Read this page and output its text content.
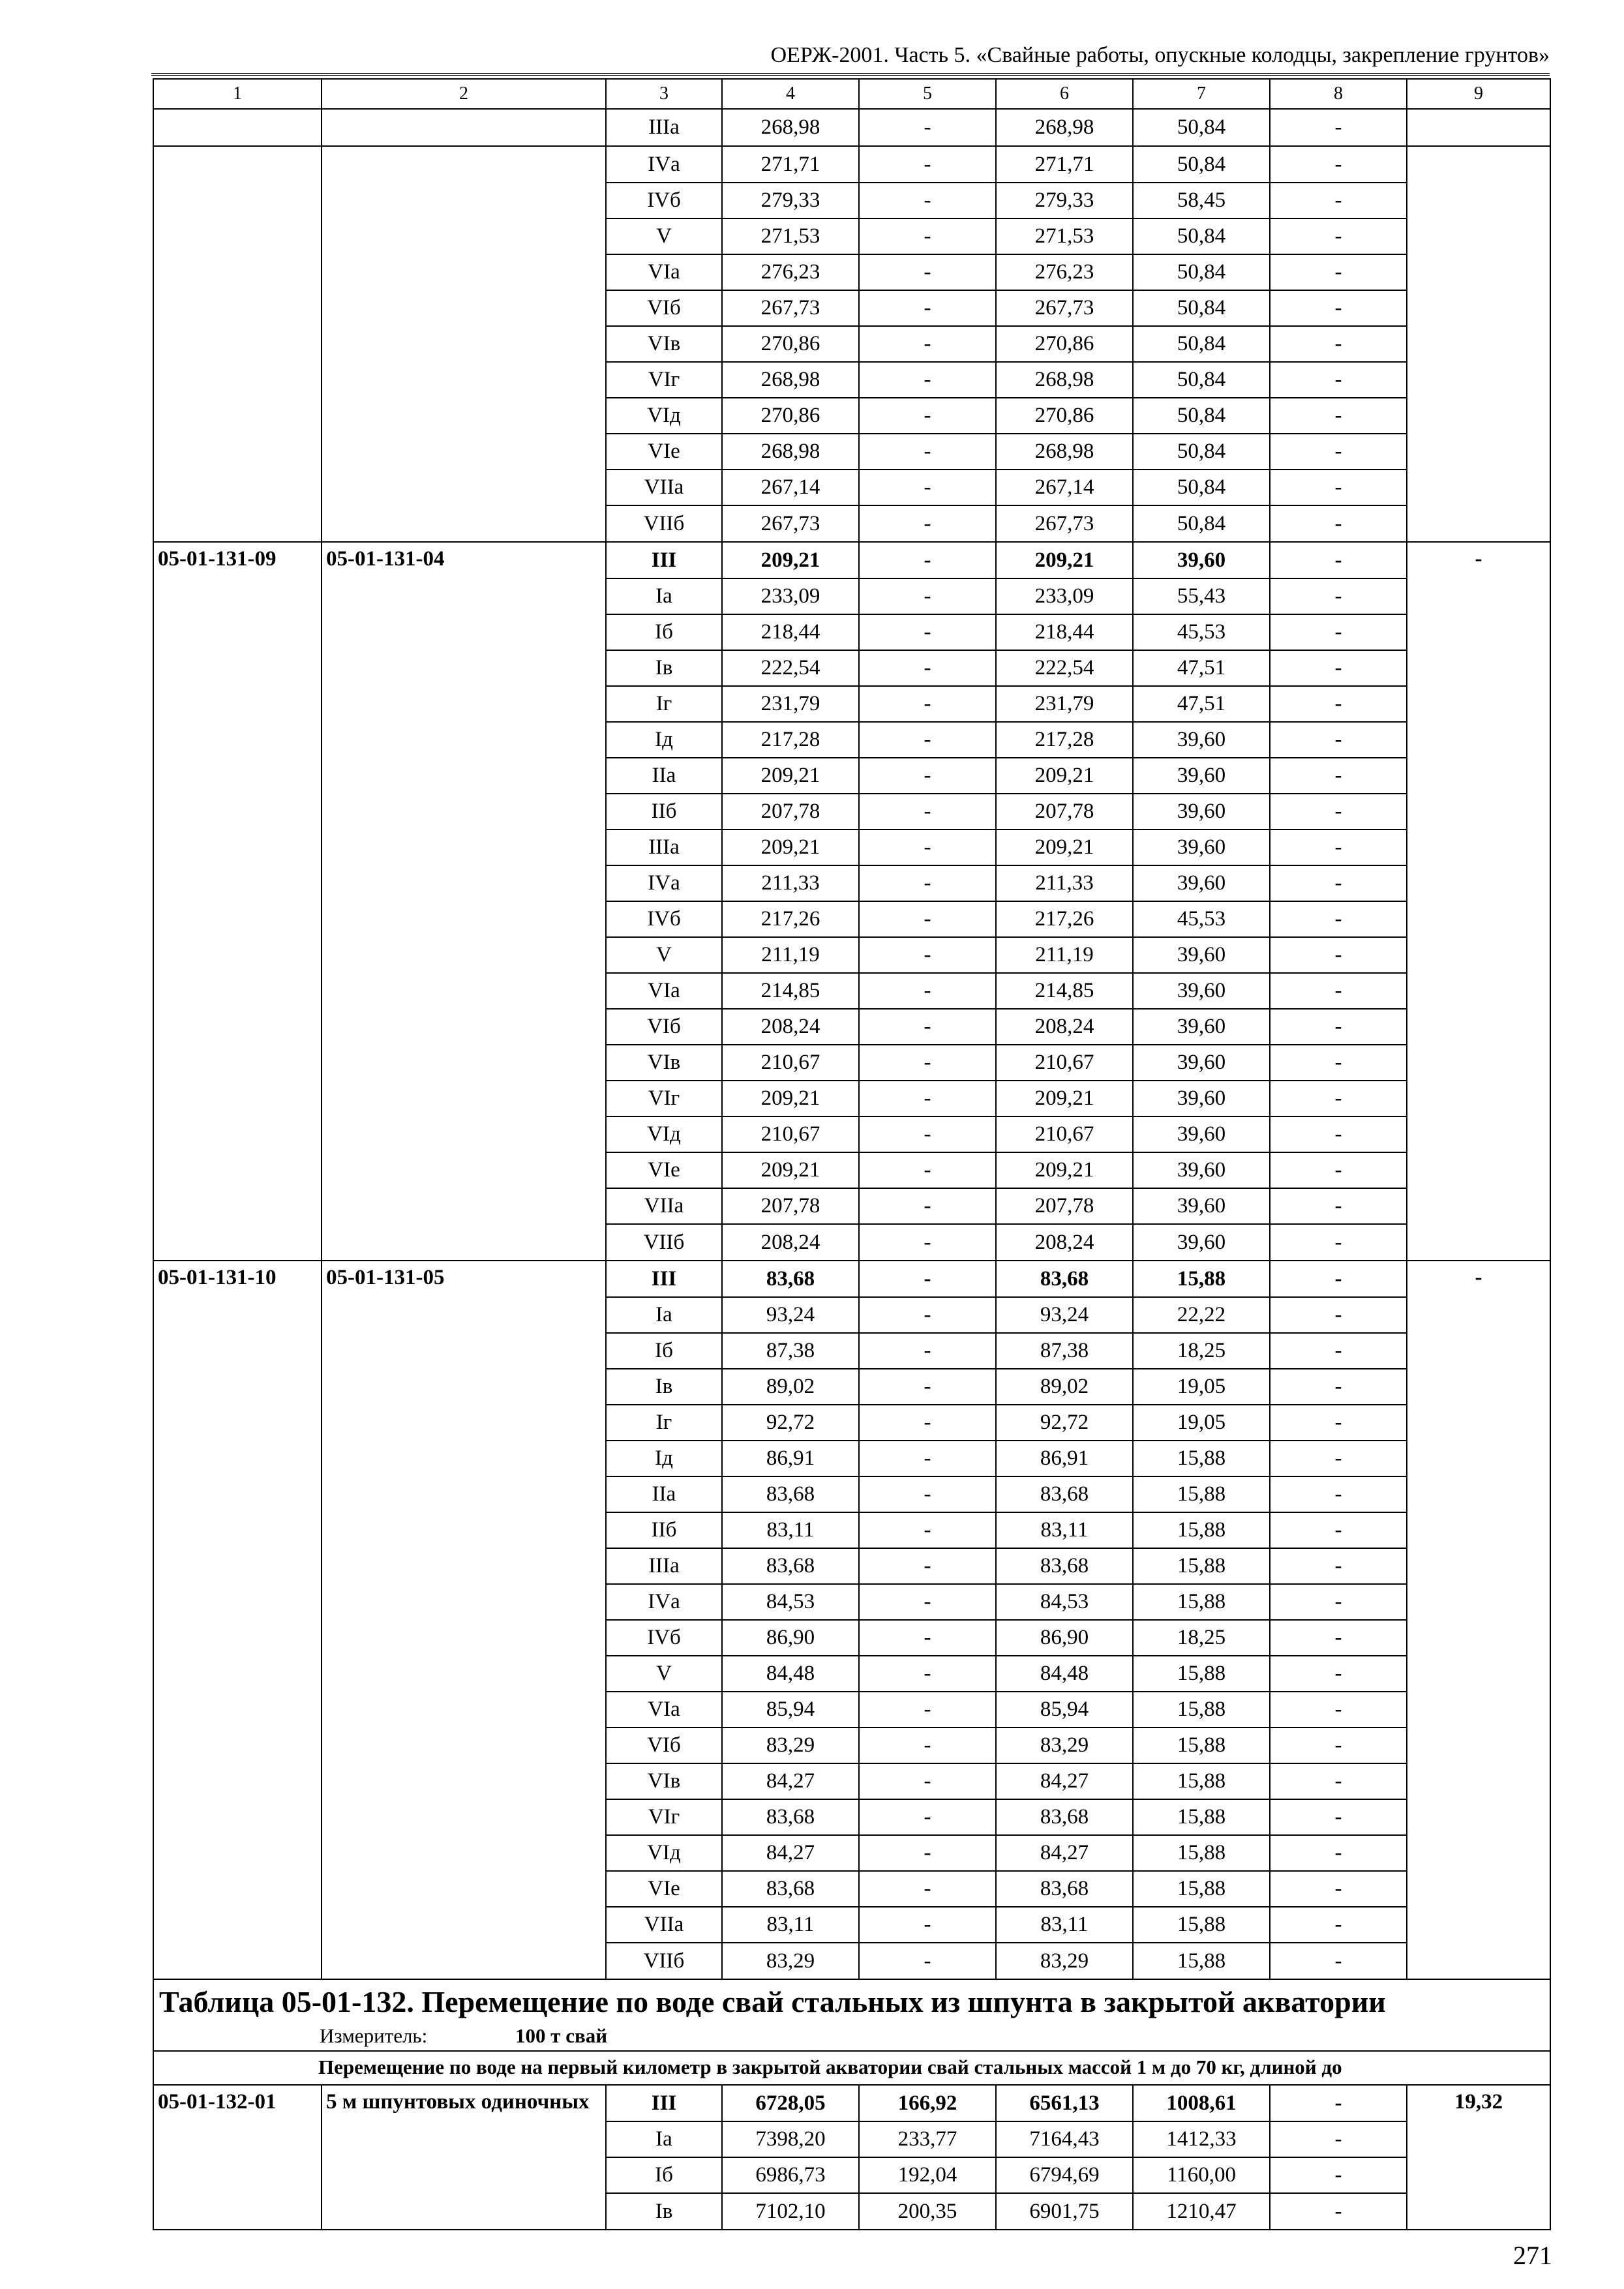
ОЕРЖ-2001. Часть 5. «Свайные работы, опускные колодцы, закрепление грунтов»
1	2	3	4	5	6	7	8	9
		IIIа	268,98	-	268,98	50,84	-	
		IVа	271,71	-	271,71	50,84	-	
		IVб	279,33	-	279,33	58,45	-	
		V	271,53	-	271,53	50,84	-	
		VIа	276,23	-	276,23	50,84	-	
		VIб	267,73	-	267,73	50,84	-	
		VIв	270,86	-	270,86	50,84	-	
		VIг	268,98	-	268,98	50,84	-	
		VIд	270,86	-	270,86	50,84	-	
		VIе	268,98	-	268,98	50,84	-	
		VIIа	267,14	-	267,14	50,84	-	
		VIIб	267,73	-	267,73	50,84	-	
05-01-131-09	05-01-131-04	III	209,21	-	209,21	39,60	-	-
		Iа	233,09	-	233,09	55,43	-	
		Iб	218,44	-	218,44	45,53	-	
		Iв	222,54	-	222,54	47,51	-	
		Iг	231,79	-	231,79	47,51	-	
		Iд	217,28	-	217,28	39,60	-	
		IIа	209,21	-	209,21	39,60	-	
		IIб	207,78	-	207,78	39,60	-	
		IIIа	209,21	-	209,21	39,60	-	
		IVа	211,33	-	211,33	39,60	-	
		IVб	217,26	-	217,26	45,53	-	
		V	211,19	-	211,19	39,60	-	
		VIа	214,85	-	214,85	39,60	-	
		VIб	208,24	-	208,24	39,60	-	
		VIв	210,67	-	210,67	39,60	-	
		VIг	209,21	-	209,21	39,60	-	
		VIд	210,67	-	210,67	39,60	-	
		VIе	209,21	-	209,21	39,60	-	
		VIIа	207,78	-	207,78	39,60	-	
		VIIб	208,24	-	208,24	39,60	-	
05-01-131-10	05-01-131-05	III	83,68	-	83,68	15,88	-	-
		Iа	93,24	-	93,24	22,22	-	
		Iб	87,38	-	87,38	18,25	-	
		Iв	89,02	-	89,02	19,05	-	
		Iг	92,72	-	92,72	19,05	-	
		Iд	86,91	-	86,91	15,88	-	
		IIа	83,68	-	83,68	15,88	-	
		IIб	83,11	-	83,11	15,88	-	
		IIIа	83,68	-	83,68	15,88	-	
		IVа	84,53	-	84,53	15,88	-	
		IVб	86,90	-	86,90	18,25	-	
		V	84,48	-	84,48	15,88	-	
		VIа	85,94	-	85,94	15,88	-	
		VIб	83,29	-	83,29	15,88	-	
		VIв	84,27	-	84,27	15,88	-	
		VIг	83,68	-	83,68	15,88	-	
		VIд	84,27	-	84,27	15,88	-	
		VIе	83,68	-	83,68	15,88	-	
		VIIа	83,11	-	83,11	15,88	-	
		VIIб	83,29	-	83,29	15,88	-	

Таблица 05-01-132. Перемещение по воде свай стальных из шпунта в закрытой акватории
Измеритель: 100 т свай								

Перемещение по воде на первый километр в закрытой акватории свай стальных массой 1 м до 70 кг, длиной до								
05-01-132-01	5 м шпунтовых одиночных	III	6728,05	166,92	6561,13	1008,61	-	19,32
		Iа	7398,20	233,77	7164,43	1412,33	-	
		Iб	6986,73	192,04	6794,69	1160,00	-	
		Iв	7102,10	200,35	6901,75	1210,47	-	
271
